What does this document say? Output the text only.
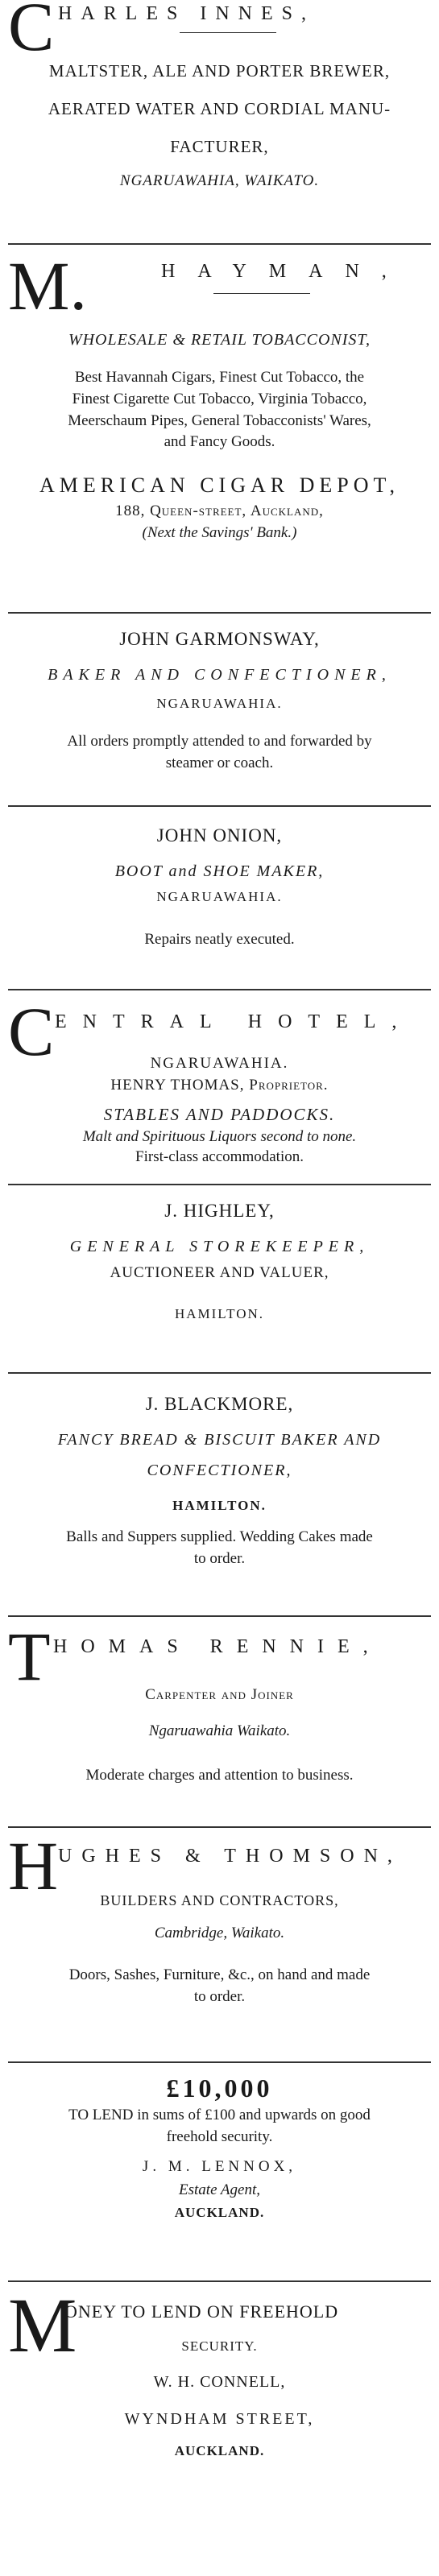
C HARLES INNES,
MALTSTER, ALE AND PORTER BREWER,
AERATED WATER AND CORDIAL MANU-
FACTURER,
NGARUAWAHIA, WAIKATO.
M.	HAYMAN,
WHOLESALE & RETAIL TOBACCONIST,
Best Havannah Cigars, Finest Cut Tobacco, the
Finest Cigarette Cut Tobacco, Virginia Tobacco,
Meerschaum Pipes, General Tobacconists' Wares,
and Fancy Goods.
AMERICAN CIGAR DEPOT,
188, Queen-street, Auckland,
(Next the Savings' Bank.)
JOHN GARMONSWAY,
BAKER AND CONFECTIONER,
NGARUAWAHIA.
All orders promptly attended to and forwarded by
steamer or coach.
JOHN ONION,
BOOT and SHOE MAKER,
NGARUAWAHIA.
Repairs neatly executed.
C ENTRAL HOTEL,
NGARUAWAHIA.
HENRY THOMAS, Proprietor.
STABLES AND PADDOCKS.
Malt and Spirituous Liquors second to none.
First-class accommodation.
J. HIGHLEY,
GENERAL STOREKEEPER,
AUCTIONEER AND VALUER,
HAMILTON.
J. BLACKMORE,
FANCY BREAD & BISCUIT BAKER AND
CONFECTIONER,
HAMILTON.
Balls and Suppers supplied. Wedding Cakes made
to order.
T HOMAS RENNIE,
Carpenter and Joiner
Ngaruawahia Waikato.
Moderate charges and attention to business.
H UGHES & THOMSON,
BUILDERS AND CONTRACTORS,
Cambridge, Waikato.
Doors, Sashes, Furniture, &c., on hand and made
to order.
£10,000
TO LEND in sums of £100 and upwards on good
freehold security.
J. M. LENNOX,
Estate Agent,
AUCKLAND.
M
ONEY TO LEND ON FREEHOLD
SECURITY.
W. H. CONNELL,
WYNDHAM STREET,
AUCKLAND.
